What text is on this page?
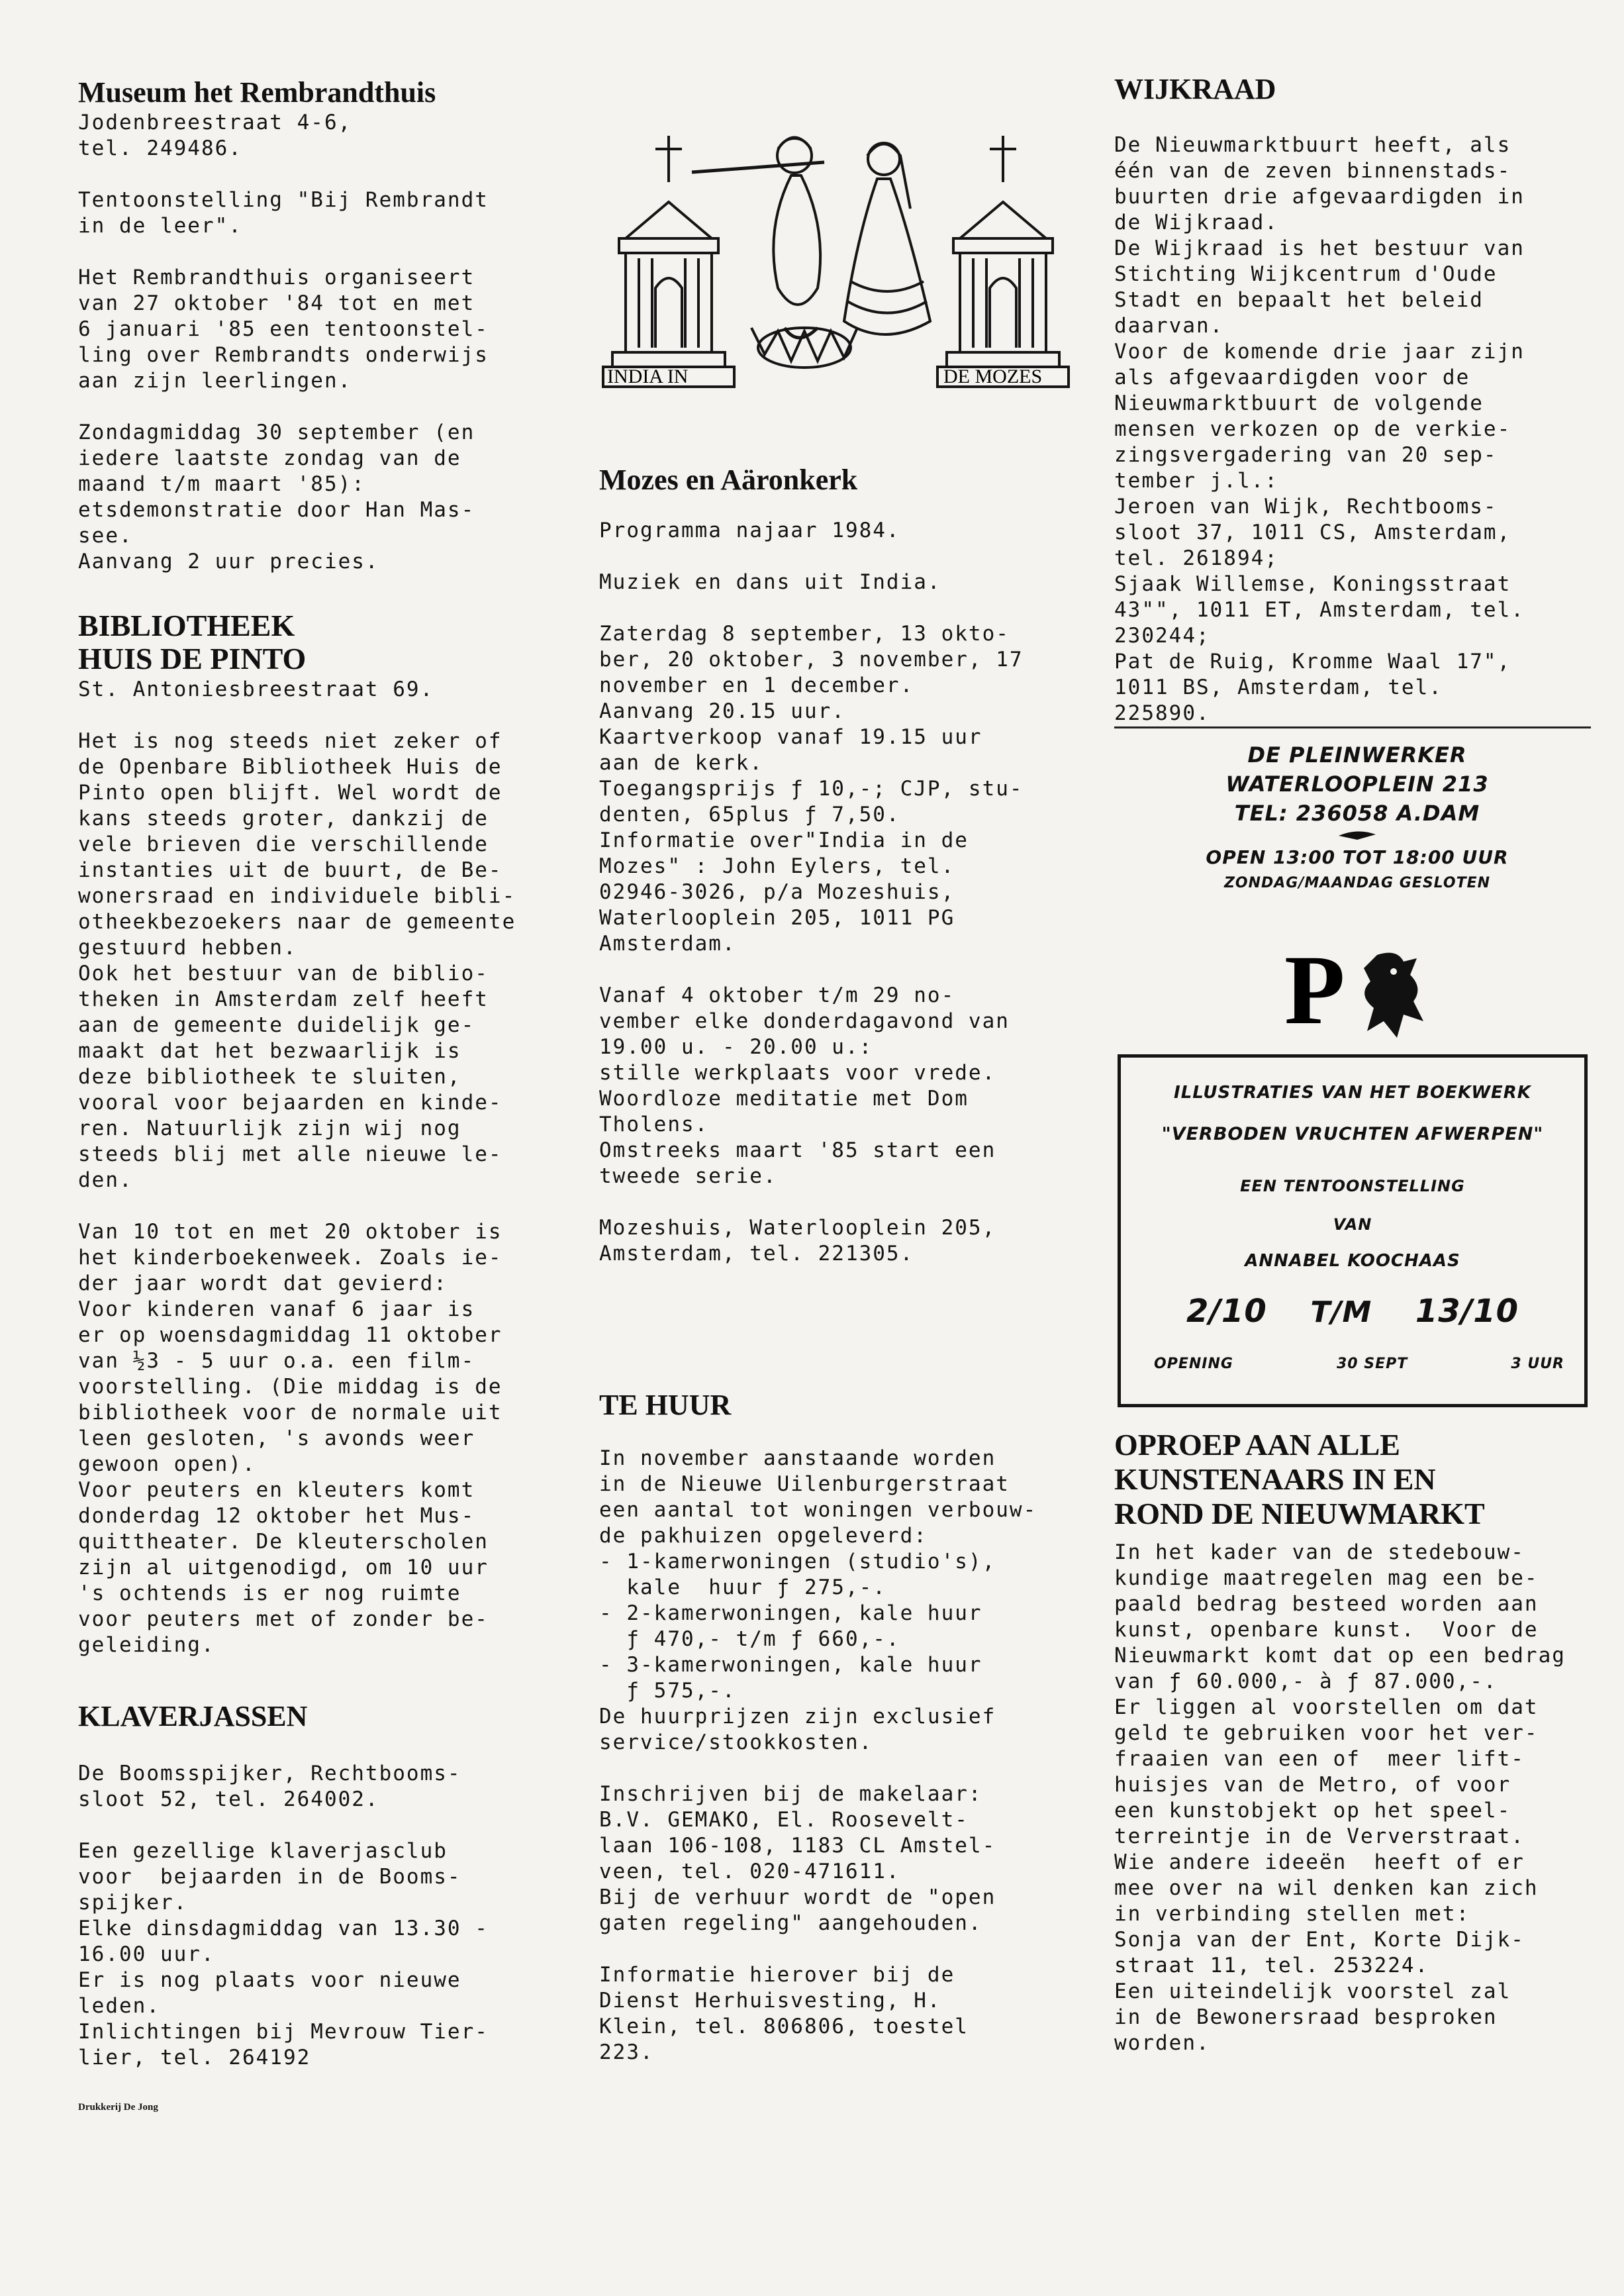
Museum het Rembrandthuis

Jodenbreestraat 4-6,

tel. 249486.

Tentoonstelling "Bij Rembrandt

in de leer".

Het Rembrandthuis organiseert

van 27 oktober '84 tot en met

6 januari '85 een tentoonstel-

ling over Rembrandts onderwijs

aan zijn leerlingen.

Zondagmiddag 30 september (en

iedere laatste zondag van de

maand t/m maart '85):

etsdemonstratie door Han Mas-

see.

Aanvang 2 uur precies.

BIBLIOTHEEK
HUIS DE PINTO

St. Antoniesbreestraat 69.

Het is nog steeds niet zeker of

de Openbare Bibliotheek Huis de

Pinto open blijft. Wel wordt de

kans steeds groter, dankzij de

vele brieven die verschillende

instanties uit de buurt, de Be-

wonersraad en individuele bibli-

otheekbezoekers naar de gemeente

gestuurd hebben.

Ook het bestuur van de biblio-

theken in Amsterdam zelf heeft

aan de gemeente duidelijk ge-

maakt dat het bezwaarlijk is

deze bibliotheek te sluiten,

vooral voor bejaarden en kinde-

ren. Natuurlijk zijn wij nog

steeds blij met alle nieuwe le-

den.

Van 10 tot en met 20 oktober is

het kinderboekenweek. Zoals ie-

der jaar wordt dat gevierd:

Voor kinderen vanaf 6 jaar is

er op woensdagmiddag 11 oktober

van ½3 - 5 uur o.a. een film-

voorstelling. (Die middag is de

bibliotheek voor de normale uit

leen gesloten, 's avonds weer

gewoon open).

Voor peuters en kleuters komt

donderdag 12 oktober het Mus-

quittheater. De kleuterscholen

zijn al uitgenodigd, om 10 uur

's ochtends is er nog ruimte

voor peuters met of zonder be-

geleiding.

KLAVERJASSEN

De Boomsspijker, Rechtbooms-

sloot 52, tel. 264002.

Een gezellige klaverjasclub

voor  bejaarden in de Booms-

spijker.

Elke dinsdagmiddag van 13.30 -

16.00 uur.

Er is nog plaats voor nieuwe

leden.

Inlichtingen bij Mevrouw Tier-

lier, tel. 264192

Drukkerij De Jong
INDIA IN	DE MOZES
Mozes en Aäronkerk

Programma najaar 1984.

Muziek en dans uit India.

Zaterdag 8 september, 13 okto-

ber, 20 oktober, 3 november, 17

november en 1 december.

Aanvang 20.15 uur.

Kaartverkoop vanaf 19.15 uur

aan de kerk.

Toegangsprijs ƒ 10,-; CJP, stu-

denten, 65plus ƒ 7,50.

Informatie over"India in de

Mozes" : John Eylers, tel.

02946-3026, p/a Mozeshuis,

Waterlooplein 205, 1011 PG

Amsterdam.

Vanaf 4 oktober t/m 29 no-

vember elke donderdagavond van

19.00 u. - 20.00 u.:

stille werkplaats voor vrede.

Woordloze meditatie met Dom

Tholens.

Omstreeks maart '85 start een

tweede serie.

Mozeshuis, Waterlooplein 205,

Amsterdam, tel. 221305.

TE HUUR

In november aanstaande worden

in de Nieuwe Uilenburgerstraat

een aantal tot woningen verbouw-

de pakhuizen opgeleverd:

- 1-kamerwoningen (studio's),

kale  huur ƒ 275,-.

- 2-kamerwoningen, kale huur

ƒ 470,- t/m ƒ 660,-.

- 3-kamerwoningen, kale huur

ƒ 575,-.

De huurprijzen zijn exclusief

service/stookkosten.

Inschrijven bij de makelaar:

B.V. GEMAKO, El. Roosevelt-

laan 106-108, 1183 CL Amstel-

veen, tel. 020-471611.

Bij de verhuur wordt de "open

gaten regeling" aangehouden.

Informatie hierover bij de

Dienst Herhuisvesting, H.

Klein, tel. 806806, toestel

223.

WIJKRAAD

De Nieuwmarktbuurt heeft, als

één van de zeven binnenstads-

buurten drie afgevaardigden in

de Wijkraad.

De Wijkraad is het bestuur van

Stichting Wijkcentrum d'Oude

Stadt en bepaalt het beleid

daarvan.

Voor de komende drie jaar zijn

als afgevaardigden voor de

Nieuwmarktbuurt de volgende

mensen verkozen op de verkie-

zingsvergadering van 20 sep-

tember j.l.:

Jeroen van Wijk, Rechtbooms-

sloot 37, 1011 CS, Amsterdam,

tel. 261894;

Sjaak Willemse, Koningsstraat

43"", 1011 ET, Amsterdam, tel.

230244;

Pat de Ruig, Kromme Waal 17",

1011 BS, Amsterdam, tel.

225890.

DE PLEINWERKER
WATERLOOPLEIN 213
TEL: 236058 A.DAM
OPEN 13:00 TOT 18:00 UUR
ZONDAG/MAANDAG GESLOTEN
P
ILLUSTRATIES VAN HET BOEKWERK
"VERBODEN VRUCHTEN AFWERPEN"
EEN TENTOONSTELLING
VAN
ANNABEL KOOCHAAS
2/10 T/M 13/10
OPENING	30 SEPT	3 UUR
OPROEP AAN ALLE
KUNSTENAARS IN EN
ROND DE NIEUWMARKT

In het kader van de stedebouw-

kundige maatregelen mag een be-

paald bedrag besteed worden aan

kunst, openbare kunst.  Voor de

Nieuwmarkt komt dat op een bedrag

van ƒ 60.000,- à ƒ 87.000,-.

Er liggen al voorstellen om dat

geld te gebruiken voor het ver-

fraaien van een of  meer lift-

huisjes van de Metro, of voor

een kunstobjekt op het speel-

terreintje in de Ververstraat.

Wie andere ideeën  heeft of er

mee over na wil denken kan zich

in verbinding stellen met:

Sonja van der Ent, Korte Dijk-

straat 11, tel. 253224.

Een uiteindelijk voorstel zal

in de Bewonersraad besproken

worden.
